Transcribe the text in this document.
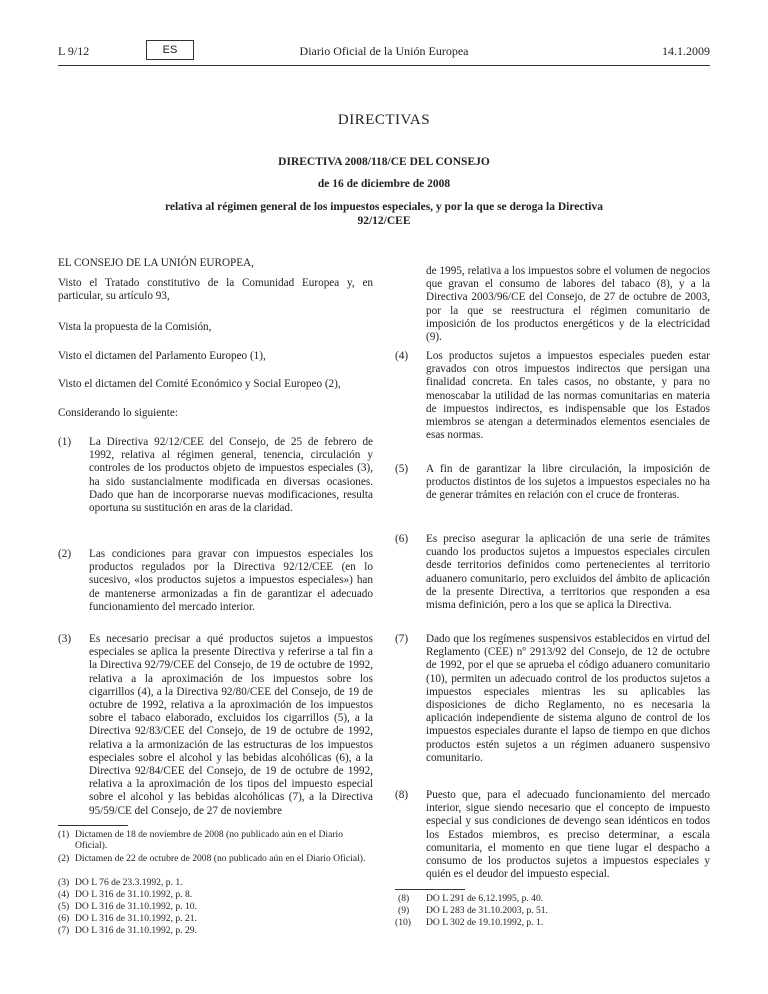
L 9/12	ES	Diario Oficial de la Unión Europea	14.1.2009
DIRECTIVAS
DIRECTIVA 2008/118/CE DEL CONSEJO
de 16 de diciembre de 2008
relativa al régimen general de los impuestos especiales, y por la que se deroga la Directiva
92/12/CEE
EL CONSEJO DE LA UNIÓN EUROPEA,
Visto el Tratado constitutivo de la Comunidad Europea y, en particular, su artículo 93,
Vista la propuesta de la Comisión,
Visto el dictamen del Parlamento Europeo (1),
Visto el dictamen del Comité Económico y Social Europeo (2),
Considerando lo siguiente:
(1) La Directiva 92/12/CEE del Consejo, de 25 de febrero de 1992, relativa al régimen general, tenencia, circulación y controles de los productos objeto de impuestos especiales (3), ha sido sustancialmente modificada en diversas ocasiones. Dado que han de incorporarse nuevas modificaciones, resulta oportuna su sustitución en aras de la claridad.
(2) Las condiciones para gravar con impuestos especiales los productos regulados por la Directiva 92/12/CEE (en lo sucesivo, «los productos sujetos a impuestos especiales») han de mantenerse armonizadas a fin de garantizar el adecuado funcionamiento del mercado interior.
(3) Es necesario precisar a qué productos sujetos a impuestos especiales se aplica la presente Directiva y referirse a tal fin a la Directiva 92/79/CEE del Consejo, de 19 de octubre de 1992, relativa a la aproximación de los impuestos sobre los cigarrillos (4), a la Directiva 92/80/CEE del Consejo, de 19 de octubre de 1992, relativa a la aproximación de los impuestos sobre el tabaco elaborado, excluidos los cigarrillos (5), a la Directiva 92/83/CEE del Consejo, de 19 de octubre de 1992, relativa a la armonización de las estructuras de los impuestos especiales sobre el alcohol y las bebidas alcohólicas (6), a la Directiva 92/84/CEE del Consejo, de 19 de octubre de 1992, relativa a la aproximación de los tipos del impuesto especial sobre el alcohol y las bebidas alcohólicas (7), a la Directiva 95/59/CE del Consejo, de 27 de noviembre
(1) Dictamen de 18 de noviembre de 2008 (no publicado aún en el Diario Oficial).
(2) Dictamen de 22 de octubre de 2008 (no publicado aún en el Diario Oficial).
(3) DO L 76 de 23.3.1992, p. 1.
(4) DO L 316 de 31.10.1992, p. 8.
(5) DO L 316 de 31.10.1992, p. 10.
(6) DO L 316 de 31.10.1992, p. 21.
(7) DO L 316 de 31.10.1992, p. 29.
de 1995, relativa a los impuestos sobre el volumen de negocios que gravan el consumo de labores del tabaco (8), y a la Directiva 2003/96/CE del Consejo, de 27 de octubre de 2003, por la que se reestructura el régimen comunitario de imposición de los productos energéticos y de la electricidad (9).
(4) Los productos sujetos a impuestos especiales pueden estar gravados con otros impuestos indirectos que persigan una finalidad concreta. En tales casos, no obstante, y para no menoscabar la utilidad de las normas comunitarias en materia de impuestos indirectos, es indispensable que los Estados miembros se atengan a determinados elementos esenciales de esas normas.
(5) A fin de garantizar la libre circulación, la imposición de productos distintos de los sujetos a impuestos especiales no ha de generar trámites en relación con el cruce de fronteras.
(6) Es preciso asegurar la aplicación de una serie de trámites cuando los productos sujetos a impuestos especiales circulen desde territorios definidos como pertenecientes al territorio aduanero comunitario, pero excluidos del ámbito de aplicación de la presente Directiva, a territorios que responden a esa misma definición, pero a los que se aplica la Directiva.
(7) Dado que los regímenes suspensivos establecidos en virtud del Reglamento (CEE) nº 2913/92 del Consejo, de 12 de octubre de 1992, por el que se aprueba el código aduanero comunitario (10), permiten un adecuado control de los productos sujetos a impuestos especiales mientras les su aplicables las disposiciones de dicho Reglamento, no es necesaria la aplicación independiente de sistema alguno de control de los impuestos especiales durante el lapso de tiempo en que dichos productos estén sujetos a un régimen aduanero suspensivo comunitario.
(8) Puesto que, para el adecuado funcionamiento del mercado interior, sigue siendo necesario que el concepto de impuesto especial y sus condiciones de devengo sean idénticos en todos los Estados miembros, es preciso determinar, a escala comunitaria, el momento en que tiene lugar el despacho a consumo de los productos sujetos a impuestos especiales y quién es el deudor del impuesto especial.
(8) DO L 291 de 6.12.1995, p. 40.
(9) DO L 283 de 31.10.2003, p. 51.
(10) DO L 302 de 19.10.1992, p. 1.
